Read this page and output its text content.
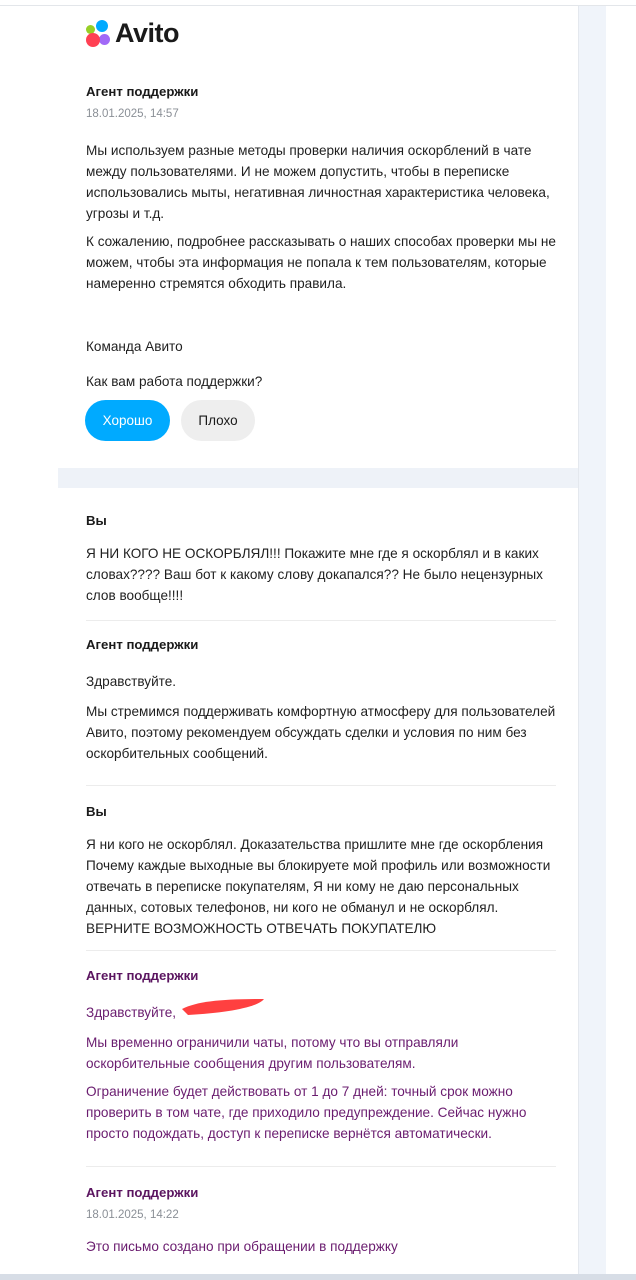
Avito
Агент поддержки
18.01.2025, 14:57
Мы используем разные методы проверки наличия оскорблений в чате между пользователями. И не можем допустить, чтобы в переписке использовались мыты, негативная личностная характеристика человека, угрозы и т.д.
К сожалению, подробнее рассказывать о наших способах проверки мы не можем, чтобы эта информация не попала к тем пользователям, которые намеренно стремятся обходить правила.
Команда Авито
Как вам работа поддержки?
Хорошо	Плохо
Вы
Я НИ КОГО НЕ ОСКОРБЛЯЛ!!! Покажите мне где я оскорблял и в каких словах???? Ваш бот к какому слову докапался?? Не было нецензурных слов вообще!!!!
Агент поддержки
Здравствуйте.
Мы стремимся поддерживать комфортную атмосферу для пользователей Авито, поэтому рекомендуем обсуждать сделки и условия по ним без оскорбительных сообщений.
Вы
Я ни кого не оскорблял. Доказательства пришлите мне где оскорбления Почему каждые выходные вы блокируете мой профиль или возможности отвечать в переписке покупателям, Я ни кому не даю персональных данных, сотовых телефонов, ни кого не обманул и не оскорблял. ВЕРНИТЕ ВОЗМОЖНОСТЬ ОТВЕЧАТЬ ПОКУПАТЕЛЮ
Агент поддержки
Здравствуйте,
Мы временно ограничили чаты, потому что вы отправляли оскорбительные сообщения другим пользователям.
Ограничение будет действовать от 1 до 7 дней: точный срок можно проверить в том чате, где приходило предупреждение. Сейчас нужно просто подождать, доступ к переписке вернётся автоматически.
Агент поддержки
18.01.2025, 14:22
Это письмо создано при обращении в поддержку
